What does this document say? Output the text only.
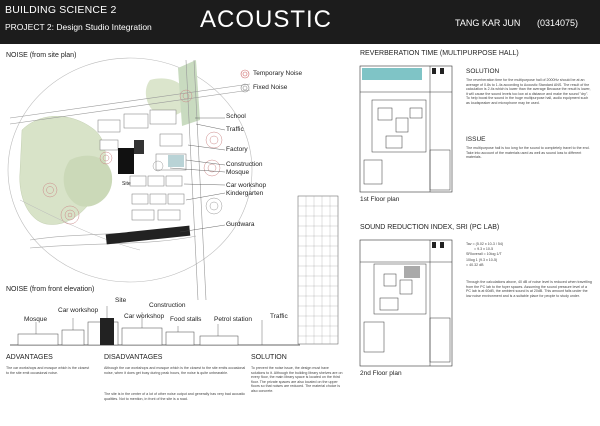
BUILDING SCIENCE 2
PROJECT 2: Design Studio Integration ACOUSTIC	TANG KAR JUN (0314075)
NOISE (from site plan)
Temporary Noise
Fixed Noise
School
Traffic
Factory
Construction
Mosque
Site	Car workshop
Kindergarten
Gurdwara
NOISE (from front elevation)
Site
Construction
Car workshop
Mosque	Car workshop Food stalls Petrol station	Traffic
ADVANTAGES
The car workshops and mosque which is the closest to the site emit occasional noise.
DISADVANTAGES
Although the car workshops and mosque which is the closest to the site emits occasional noise, when it does get busy during peak hours, the noise is quite unbearable.
The site is in the center of a lot of other noise output and generally has very bad acoustic qualities. Not to mention, in front of the site is a road.
SOLUTION
To prevent the noise issue, the design must have solutions to it. Although the building library shelves are on every floor, the main library space is located on the third floor. The private spaces are also located on the upper floors so that noises are reduced. The material choice is also concrete.
REVERBERATION TIME (MULTIPURPOSE HALL)
1st Floor plan
SOLUTION
The reverberation time for the multipurpose hall of 2000Hz should be at an average of 0.8s to 1.4s according to Acoustic Standard ANS. The result of the calculation is 2.4s which is lower than the average Because the result is lower, it will cause the sound levels too low at a distance and make the sound "dry". To help boost the sound in the huge multipurpose hall, audio equipment such as loudspeaker and microphone may be used.
ISSUE
The multipurpose hall is too long for the sound to completely travel to the end. Take into account of the materials used as well as sound loss to different materials.
SOUND REDUCTION INDEX, SRI (PC LAB)
2nd Floor plan
Tav = (5.02 x 10-3 / 54)
= 9.3 x 10-5
SRIoverall = 10log 1/T
10log 1 (9.3 x 10-5)
= 40.32 dB
Through the calculations above, 40 dB of noise level is reduced when travelling from the PC lab to the foyer spaces. Assuming the sound pressure level of a PC lab is at 60dB, the ambient sound is at 20dB. This amount falls under the low noise environment and is a suitable place for people to study under.
